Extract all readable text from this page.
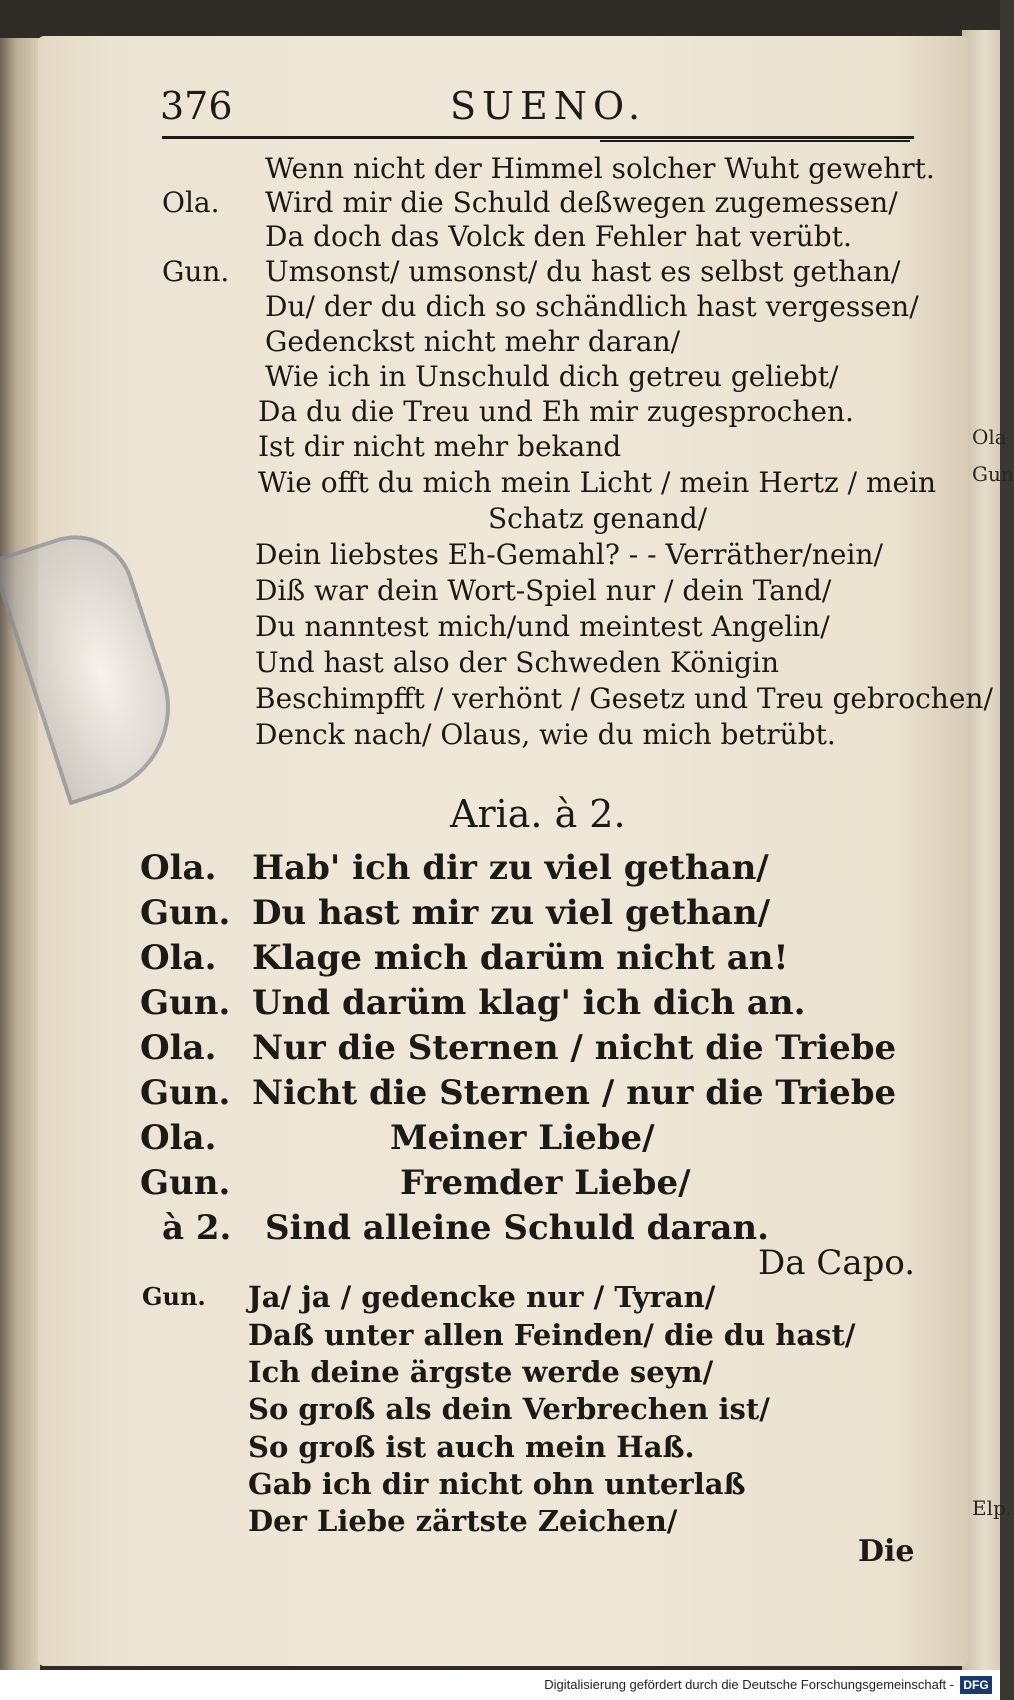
Ola
Gun
Elp.
376	SUENO.
Wenn nicht der Himmel solcher Wuht gewehrt.
Ola. Wird mir die Schuld deßwegen zugemessen/
Da doch das Volck den Fehler hat verübt.
Gun. Umsonst/ umsonst/ du hast es selbst gethan/
Du/ der du dich so schändlich hast vergessen/
Gedenckst nicht mehr daran/
Wie ich in Unschuld dich getreu geliebt/
Da du die Treu und Eh mir zugesprochen.
Ist dir nicht mehr bekand
Wie offt du mich mein Licht / mein Hertz / mein
Schatz genand/
Dein liebstes Eh-Gemahl? - - Verräther/nein/
Diß war dein Wort-Spiel nur / dein Tand/
Du nanntest mich/und meintest Angelin/
Und hast also der Schweden Königin
Beschimpfft / verhönt / Gesetz und Treu gebrochen/
Denck nach/ Olaus, wie du mich betrübt.
Aria. à 2.
Ola. Hab' ich dir zu viel gethan/
Gun. Du hast mir zu viel gethan/
Ola. Klage mich darüm nicht an!
Gun. Und darüm klag' ich dich an.
Ola. Nur die Sternen / nicht die Triebe
Gun. Nicht die Sternen / nur die Triebe
Ola.	Meiner Liebe/
Gun.	Fremder Liebe/
à 2. Sind alleine Schuld daran.
Da Capo.
Gun. Ja/ ja / gedencke nur / Tyran/
Daß unter allen Feinden/ die du hast/
Ich deine ärgste werde seyn/
So groß als dein Verbrechen ist/
So groß ist auch mein Haß.
Gab ich dir nicht ohn unterlaß
Der Liebe zärtste Zeichen/
Die
Digitalisierung gefördert durch die Deutsche Forschungsgemeinschaft - DFG
